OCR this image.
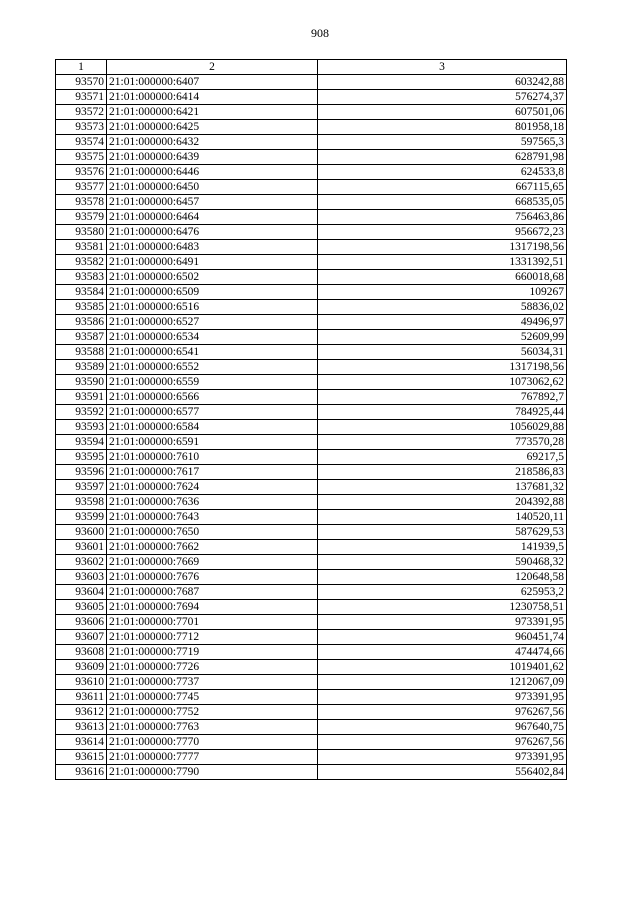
908
1	2	3
93570	21:01:000000:6407	603242,88
93571	21:01:000000:6414	576274,37
93572	21:01:000000:6421	607501,06
93573	21:01:000000:6425	801958,18
93574	21:01:000000:6432	597565,3
93575	21:01:000000:6439	628791,98
93576	21:01:000000:6446	624533,8
93577	21:01:000000:6450	667115,65
93578	21:01:000000:6457	668535,05
93579	21:01:000000:6464	756463,86
93580	21:01:000000:6476	956672,23
93581	21:01:000000:6483	1317198,56
93582	21:01:000000:6491	1331392,51
93583	21:01:000000:6502	660018,68
93584	21:01:000000:6509	109267
93585	21:01:000000:6516	58836,02
93586	21:01:000000:6527	49496,97
93587	21:01:000000:6534	52609,99
93588	21:01:000000:6541	56034,31
93589	21:01:000000:6552	1317198,56
93590	21:01:000000:6559	1073062,62
93591	21:01:000000:6566	767892,7
93592	21:01:000000:6577	784925,44
93593	21:01:000000:6584	1056029,88
93594	21:01:000000:6591	773570,28
93595	21:01:000000:7610	69217,5
93596	21:01:000000:7617	218586,83
93597	21:01:000000:7624	137681,32
93598	21:01:000000:7636	204392,88
93599	21:01:000000:7643	140520,11
93600	21:01:000000:7650	587629,53
93601	21:01:000000:7662	141939,5
93602	21:01:000000:7669	590468,32
93603	21:01:000000:7676	120648,58
93604	21:01:000000:7687	625953,2
93605	21:01:000000:7694	1230758,51
93606	21:01:000000:7701	973391,95
93607	21:01:000000:7712	960451,74
93608	21:01:000000:7719	474474,66
93609	21:01:000000:7726	1019401,62
93610	21:01:000000:7737	1212067,09
93611	21:01:000000:7745	973391,95
93612	21:01:000000:7752	976267,56
93613	21:01:000000:7763	967640,75
93614	21:01:000000:7770	976267,56
93615	21:01:000000:7777	973391,95
93616	21:01:000000:7790	556402,84
